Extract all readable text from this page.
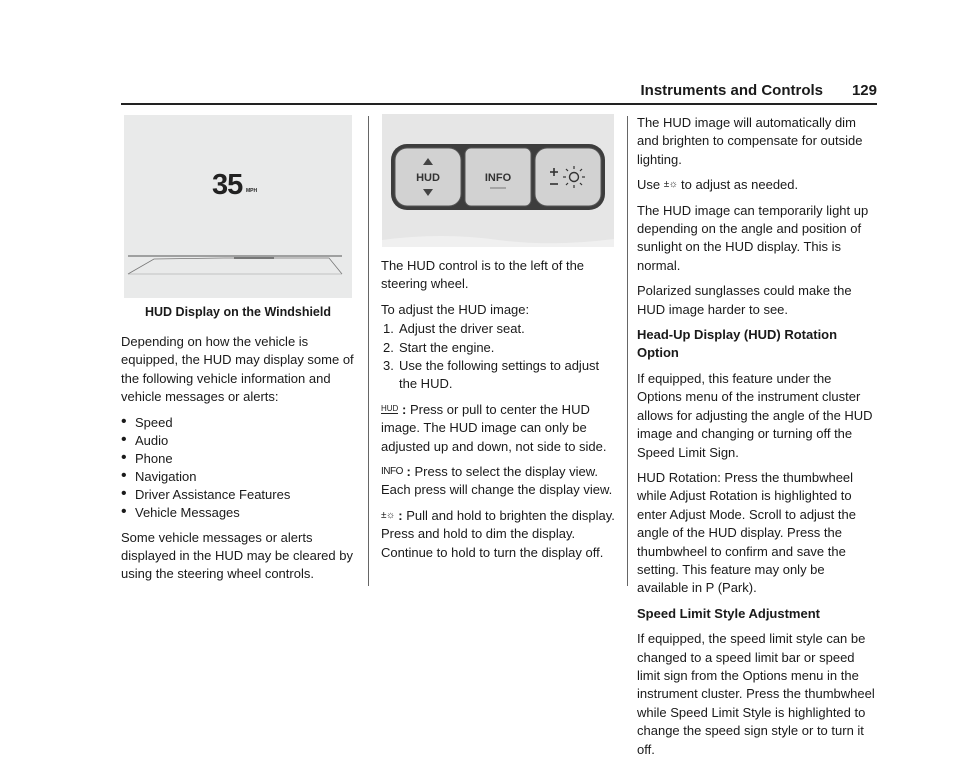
Instruments and Controls 129
35 MPH
HUD Display on the Windshield

Depending on how the vehicle is equipped, the HUD may display some of the following vehicle information and vehicle messages or alerts:

• Speed
• Audio
• Phone
• Navigation
• Driver Assistance Features
• Vehicle Messages

Some vehicle messages or alerts displayed in the HUD may be cleared by using the steering wheel controls.

HUD	INFO

The HUD control is to the left of the steering wheel.

To adjust the HUD image:

1. Adjust the driver seat.
2. Start the engine.
3. Use the following settings to adjust the HUD.

HUD : Press or pull to center the HUD image. The HUD image can only be adjusted up and down, not side to side.

INFO : Press to select the display view. Each press will change the display view.

±☼ : Pull and hold to brighten the display. Press and hold to dim the display. Continue to hold to turn the display off.

The HUD image will automatically dim and brighten to compensate for outside lighting.

Use ±☼ to adjust as needed.

The HUD image can temporarily light up depending on the angle and position of sunlight on the HUD display. This is normal.

Polarized sunglasses could make the HUD image harder to see.

Head-Up Display (HUD) Rotation Option

If equipped, this feature under the Options menu of the instrument cluster allows for adjusting the angle of the HUD image and changing or turning off the Speed Limit Sign.

HUD Rotation: Press the thumbwheel while Adjust Rotation is highlighted to enter Adjust Mode. Scroll to adjust the angle of the HUD display. Press the thumbwheel to confirm and save the setting. This feature may only be available in P (Park).

Speed Limit Style Adjustment

If equipped, the speed limit style can be changed to a speed limit bar or speed limit sign from the Options menu in the instrument cluster. Press the thumbwheel while Speed Limit Style is highlighted to change the speed sign style or to turn it off.
